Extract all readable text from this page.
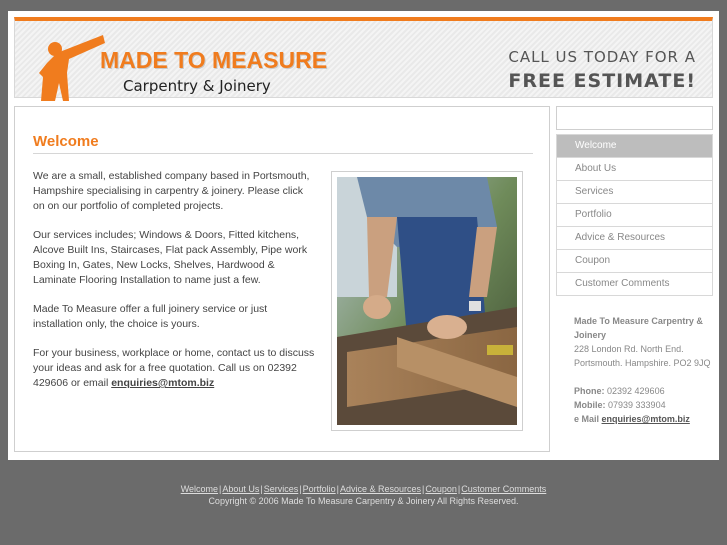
MADE TO MEASURE
Carpentry & Joinery
CALL US TODAY FOR A
FREE ESTIMATE!
Welcome

We are a small, established company based in Portsmouth, Hampshire specialising in carpentry & joinery. Please click on on our portfolio of completed projects.

Our services includes; Windows & Doors, Fitted kitchens, Alcove Built Ins, Staircases, Flat pack Assembly, Pipe work Boxing In, Gates, New Locks, Shelves, Hardwood & Laminate Flooring Installation to name just a few.

Made To Measure offer a full joinery service or just installation only, the choice is yours.

For your business, workplace or home, contact us to discuss your ideas and ask for a free quotation. Call us on 02392 429606 or email enquiries@mtom.biz

Welcome
About Us
Services
Portfolio
Advice & Resources
Coupon
Customer Comments
Made To Measure Carpentry & Joinery
228 London Rd. North End.
Portsmouth. Hampshire. PO2 9JQ
Phone: 02392 429606
Mobile: 07939 333904
e Mail enquiries@mtom.biz
Welcome|About Us|Services|Portfolio|Advice & Resources|Coupon|Customer Comments
Copyright © 2006 Made To Measure Carpentry & Joinery All Rights Reserved.
